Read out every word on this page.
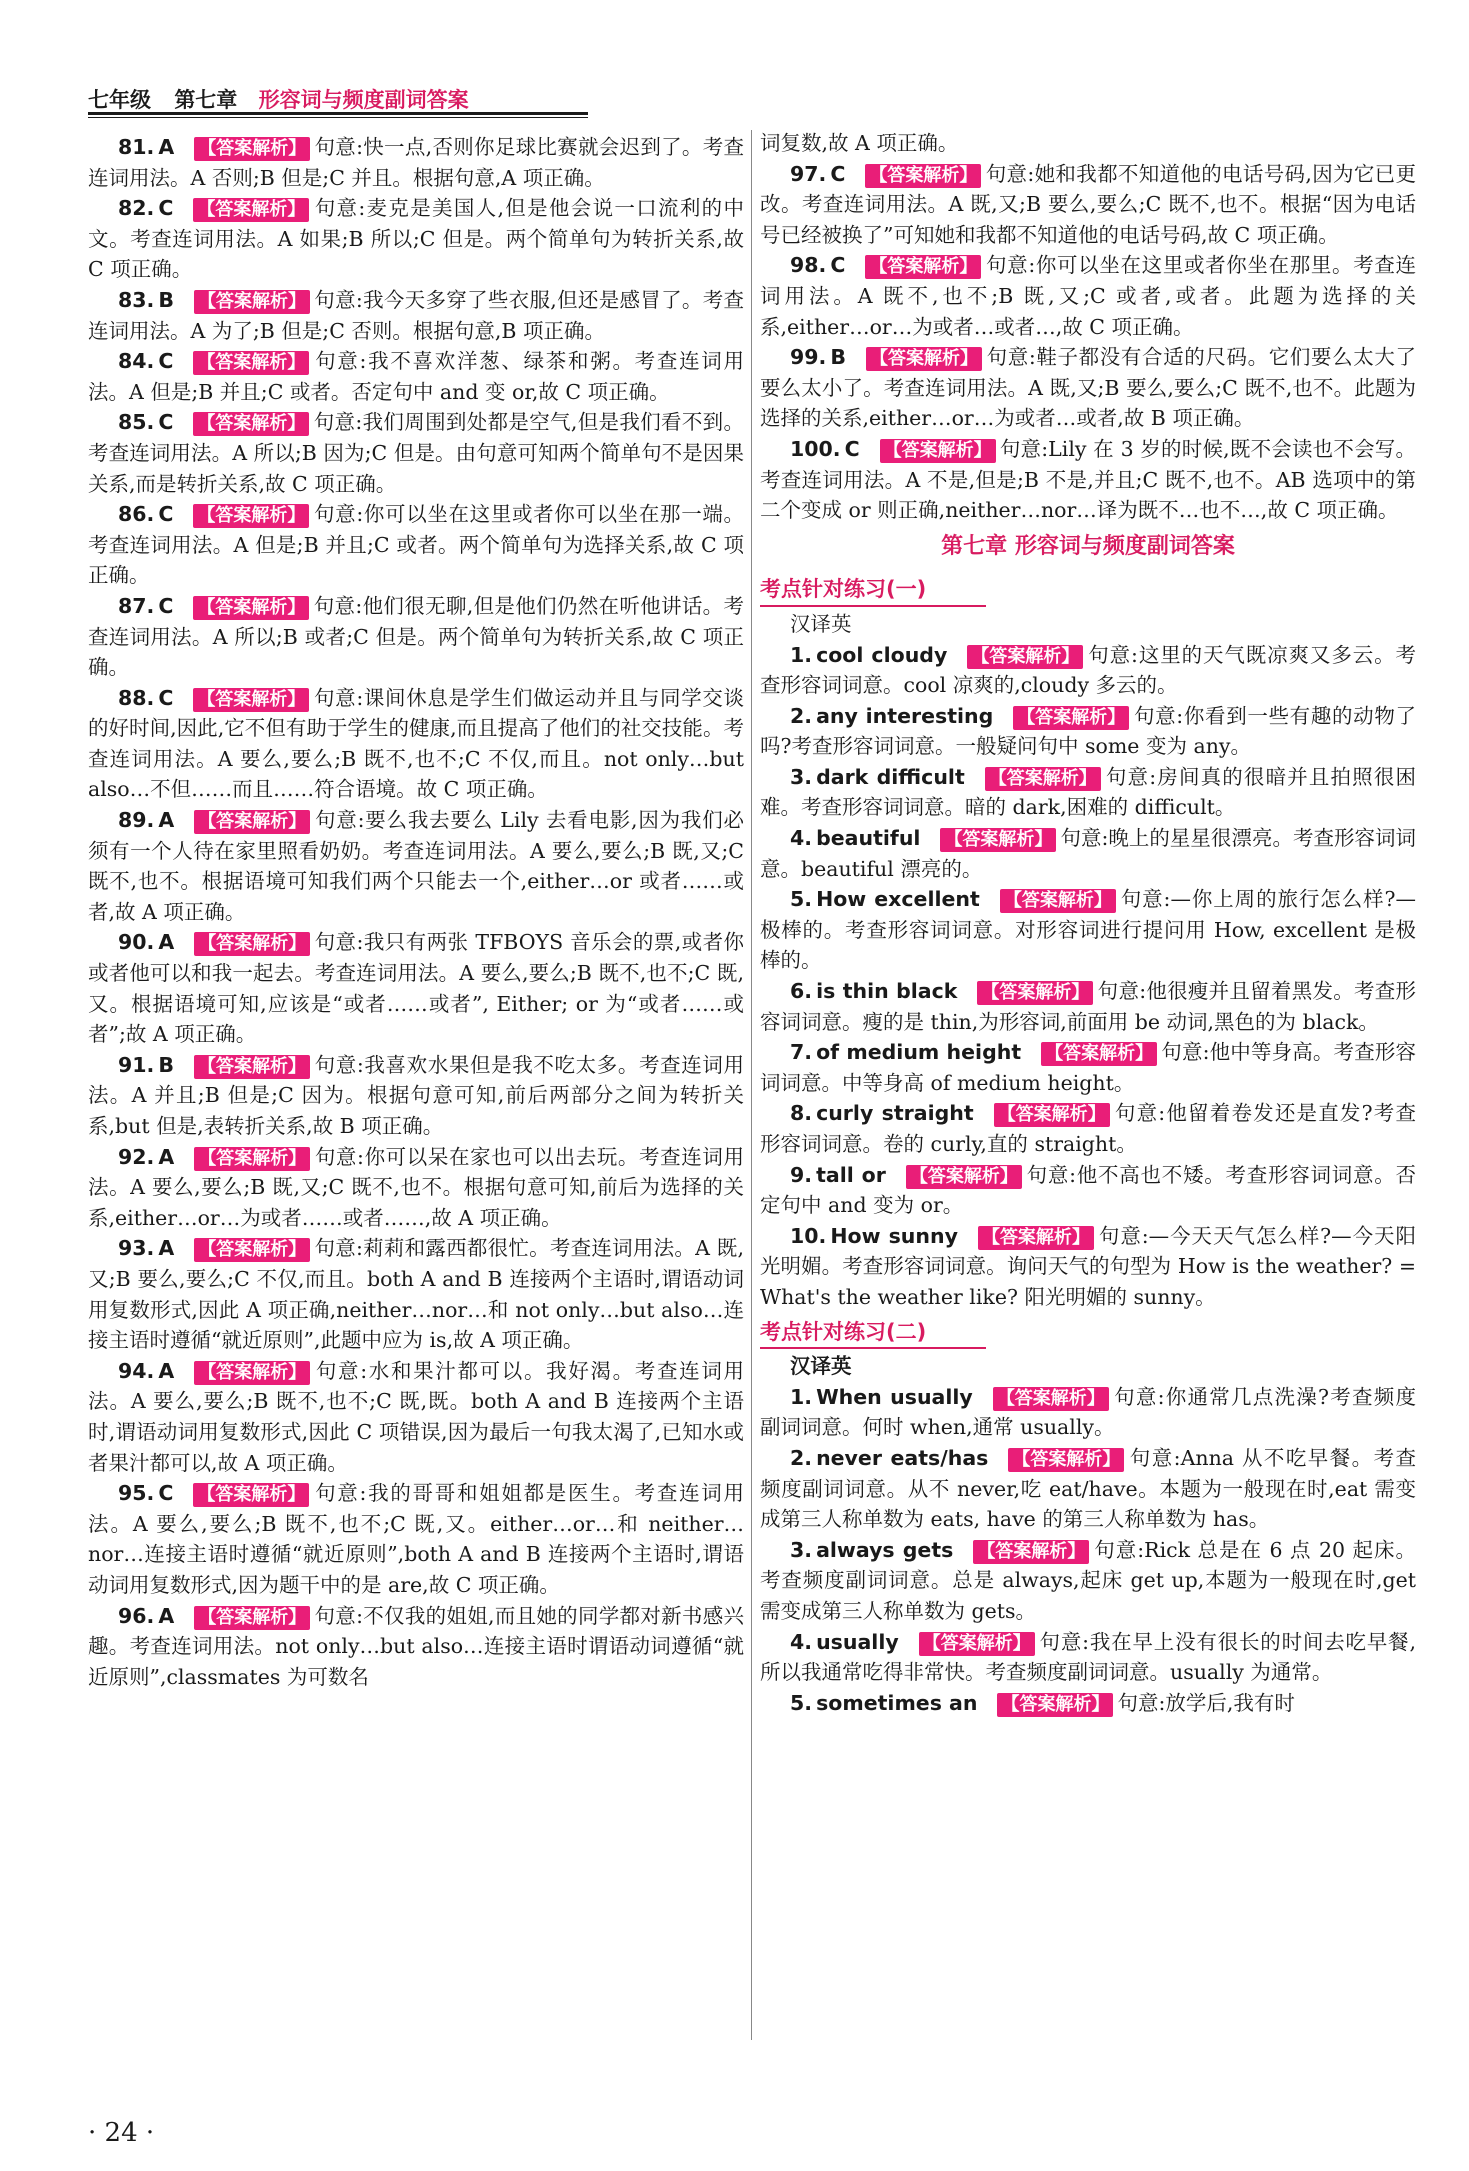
七年级 第七章 形容词与频度副词答案

81. A 【 答案解析 】 句意:快一点,否则你足球比赛就会迟到了。考查连词用法。A 否则;B 但是;C 并且。根据句意,A 项正确。

82. C 【 答案解析 】 句意:麦克是美国人,但是他会说一口流利的中文。考查连词用法。A 如果;B 所以;C 但是。两个简单句为转折关系,故 C 项正确。

83. B 【 答案解析 】 句意:我今天多穿了些衣服,但还是感冒了。考查连词用法。A 为了;B 但是;C 否则。根据句意,B 项正确。

84. C 【 答案解析 】 句意:我不喜欢洋葱、绿茶和粥。考查连词用法。A 但是;B 并且;C 或者。否定句中 and 变 or,故 C 项正确。

85. C 【 答案解析 】 句意:我们周围到处都是空气,但是我们看不到。考查连词用法。A 所以;B 因为;C 但是。由句意可知两个简单句不是因果关系,而是转折关系,故 C 项正确。

86. C 【 答案解析 】 句意:你可以坐在这里或者你可以坐在那一端。考查连词用法。A 但是;B 并且;C 或者。两个简单句为选择关系,故 C 项正确。

87. C 【 答案解析 】 句意:他们很无聊,但是他们仍然在听他讲话。考查连词用法。A 所以;B 或者;C 但是。两个简单句为转折关系,故 C 项正确。

88. C 【 答案解析 】 句意:课间休息是学生们做运动并且与同学交谈的好时间,因此,它不但有助于学生的健康,而且提高了他们的社交技能。考查连词用法。A 要么,要么;B 既不,也不;C 不仅,而且。not only…but also…不但……而且……符合语境。故 C 项正确。

89. A 【 答案解析 】 句意:要么我去要么 Lily 去看电影,因为我们必须有一个人待在家里照看奶奶。考查连词用法。A 要么,要么;B 既,又;C 既不,也不。根据语境可知我们两个只能去一个,either…or 或者……或者,故 A 项正确。

90. A 【 答案解析 】 句意:我只有两张 TFBOYS 音乐会的票,或者你或者他可以和我一起去。考查连词用法。A 要么,要么;B 既不,也不;C 既,又。根据语境可知,应该是“或者……或者”, Either; or 为“或者……或者”;故 A 项正确。

91. B 【 答案解析 】 句意:我喜欢水果但是我不吃太多。考查连词用法。A 并且;B 但是;C 因为。根据句意可知,前后两部分之间为转折关系,but 但是,表转折关系,故 B 项正确。

92. A 【 答案解析 】 句意:你可以呆在家也可以出去玩。考查连词用法。A 要么,要么;B 既,又;C 既不,也不。根据句意可知,前后为选择的关系,either…or…为或者……或者……,故 A 项正确。

93. A 【 答案解析 】 句意:莉莉和露西都很忙。考查连词用法。A 既,又;B 要么,要么;C 不仅,而且。both A and B 连接两个主语时,谓语动词用复数形式,因此 A 项正确,neither…nor…和 not only…but also…连接主语时遵循“就近原则”,此题中应为 is,故 A 项正确。

94. A 【 答案解析 】 句意:水和果汁都可以。我好渴。考查连词用法。A 要么,要么;B 既不,也不;C 既,既。both A and B 连接两个主语时,谓语动词用复数形式,因此 C 项错误,因为最后一句我太渴了,已知水或者果汁都可以,故 A 项正确。

95. C 【 答案解析 】 句意:我的哥哥和姐姐都是医生。考查连词用法。A 要么,要么;B 既不,也不;C 既,又。either…or…和 neither…nor…连接主语时遵循“就近原则”,both A and B 连接两个主语时,谓语动词用复数形式,因为题干中的是 are,故 C 项正确。

96. A 【 答案解析 】 句意:不仅我的姐姐,而且她的同学都对新书感兴趣。考查连词用法。not only…but also…连接主语时谓语动词遵循“就近原则”,classmates 为可数名

词复数,故 A 项正确。

97. C 【 答案解析 】 句意:她和我都不知道他的电话号码,因为它已更改。考查连词用法。A 既,又;B 要么,要么;C 既不,也不。根据“因为电话号已经被换了”可知她和我都不知道他的电话号码,故 C 项正确。

98. C 【 答案解析 】 句意:你可以坐在这里或者你坐在那里。考查连词用法。A 既不,也不;B 既,又;C 或者,或者。此题为选择的关系,either…or…为或者…或者…,故 C 项正确。

99. B 【 答案解析 】 句意:鞋子都没有合适的尺码。它们要么太大了要么太小了。考查连词用法。A 既,又;B 要么,要么;C 既不,也不。此题为选择的关系,either…or…为或者…或者,故 B 项正确。

100. C 【 答案解析 】 句意:Lily 在 3 岁的时候,既不会读也不会写。考查连词用法。A 不是,但是;B 不是,并且;C 既不,也不。AB 选项中的第二个变成 or 则正确,neither…nor…译为既不…也不…,故 C 项正确。

第七章 形容词与频度副词答案
考点针对练习(一)

汉译英

1. cool cloudy 【 答案解析 】 句意:这里的天气既凉爽又多云。考查形容词词意。cool 凉爽的,cloudy 多云的。

2. any interesting 【 答案解析 】 句意:你看到一些有趣的动物了吗?考查形容词词意。一般疑问句中 some 变为 any。

3. dark difficult 【 答案解析 】 句意:房间真的很暗并且拍照很困难。考查形容词词意。暗的 dark,困难的 difficult。

4. beautiful 【 答案解析 】 句意:晚上的星星很漂亮。考查形容词词意。beautiful 漂亮的。

5. How excellent 【 答案解析 】 句意:—你上周的旅行怎么样?—极棒的。考查形容词词意。对形容词进行提问用 How, excellent 是极棒的。

6. is thin black 【 答案解析 】 句意:他很瘦并且留着黑发。考查形容词词意。瘦的是 thin,为形容词,前面用 be 动词,黑色的为 black。

7. of medium height 【 答案解析 】 句意:他中等身高。考查形容词词意。中等身高 of medium height。

8. curly straight 【 答案解析 】 句意:他留着卷发还是直发?考查形容词词意。卷的 curly,直的 straight。

9. tall or 【 答案解析 】 句意:他不高也不矮。考查形容词词意。否定句中 and 变为 or。

10. How sunny 【 答案解析 】 句意:—今天天气怎么样?—今天阳光明媚。考查形容词词意。询问天气的句型为 How is the weather? = What's the weather like? 阳光明媚的 sunny。

考点针对练习(二)

汉译英

1. When usually 【 答案解析 】 句意:你通常几点洗澡?考查频度副词词意。何时 when,通常 usually。

2. never eats/has 【 答案解析 】 句意:Anna 从不吃早餐。考查频度副词词意。从不 never,吃 eat/have。本题为一般现在时,eat 需变成第三人称单数为 eats, have 的第三人称单数为 has。

3. always gets 【 答案解析 】 句意:Rick 总是在 6 点 20 起床。考查频度副词词意。总是 always,起床 get up,本题为一般现在时,get 需变成第三人称单数为 gets。

4. usually 【 答案解析 】 句意:我在早上没有很长的时间去吃早餐,所以我通常吃得非常快。考查频度副词词意。usually 为通常。

5. sometimes an 【 答案解析 】 句意:放学后,我有时

· 24 ·
